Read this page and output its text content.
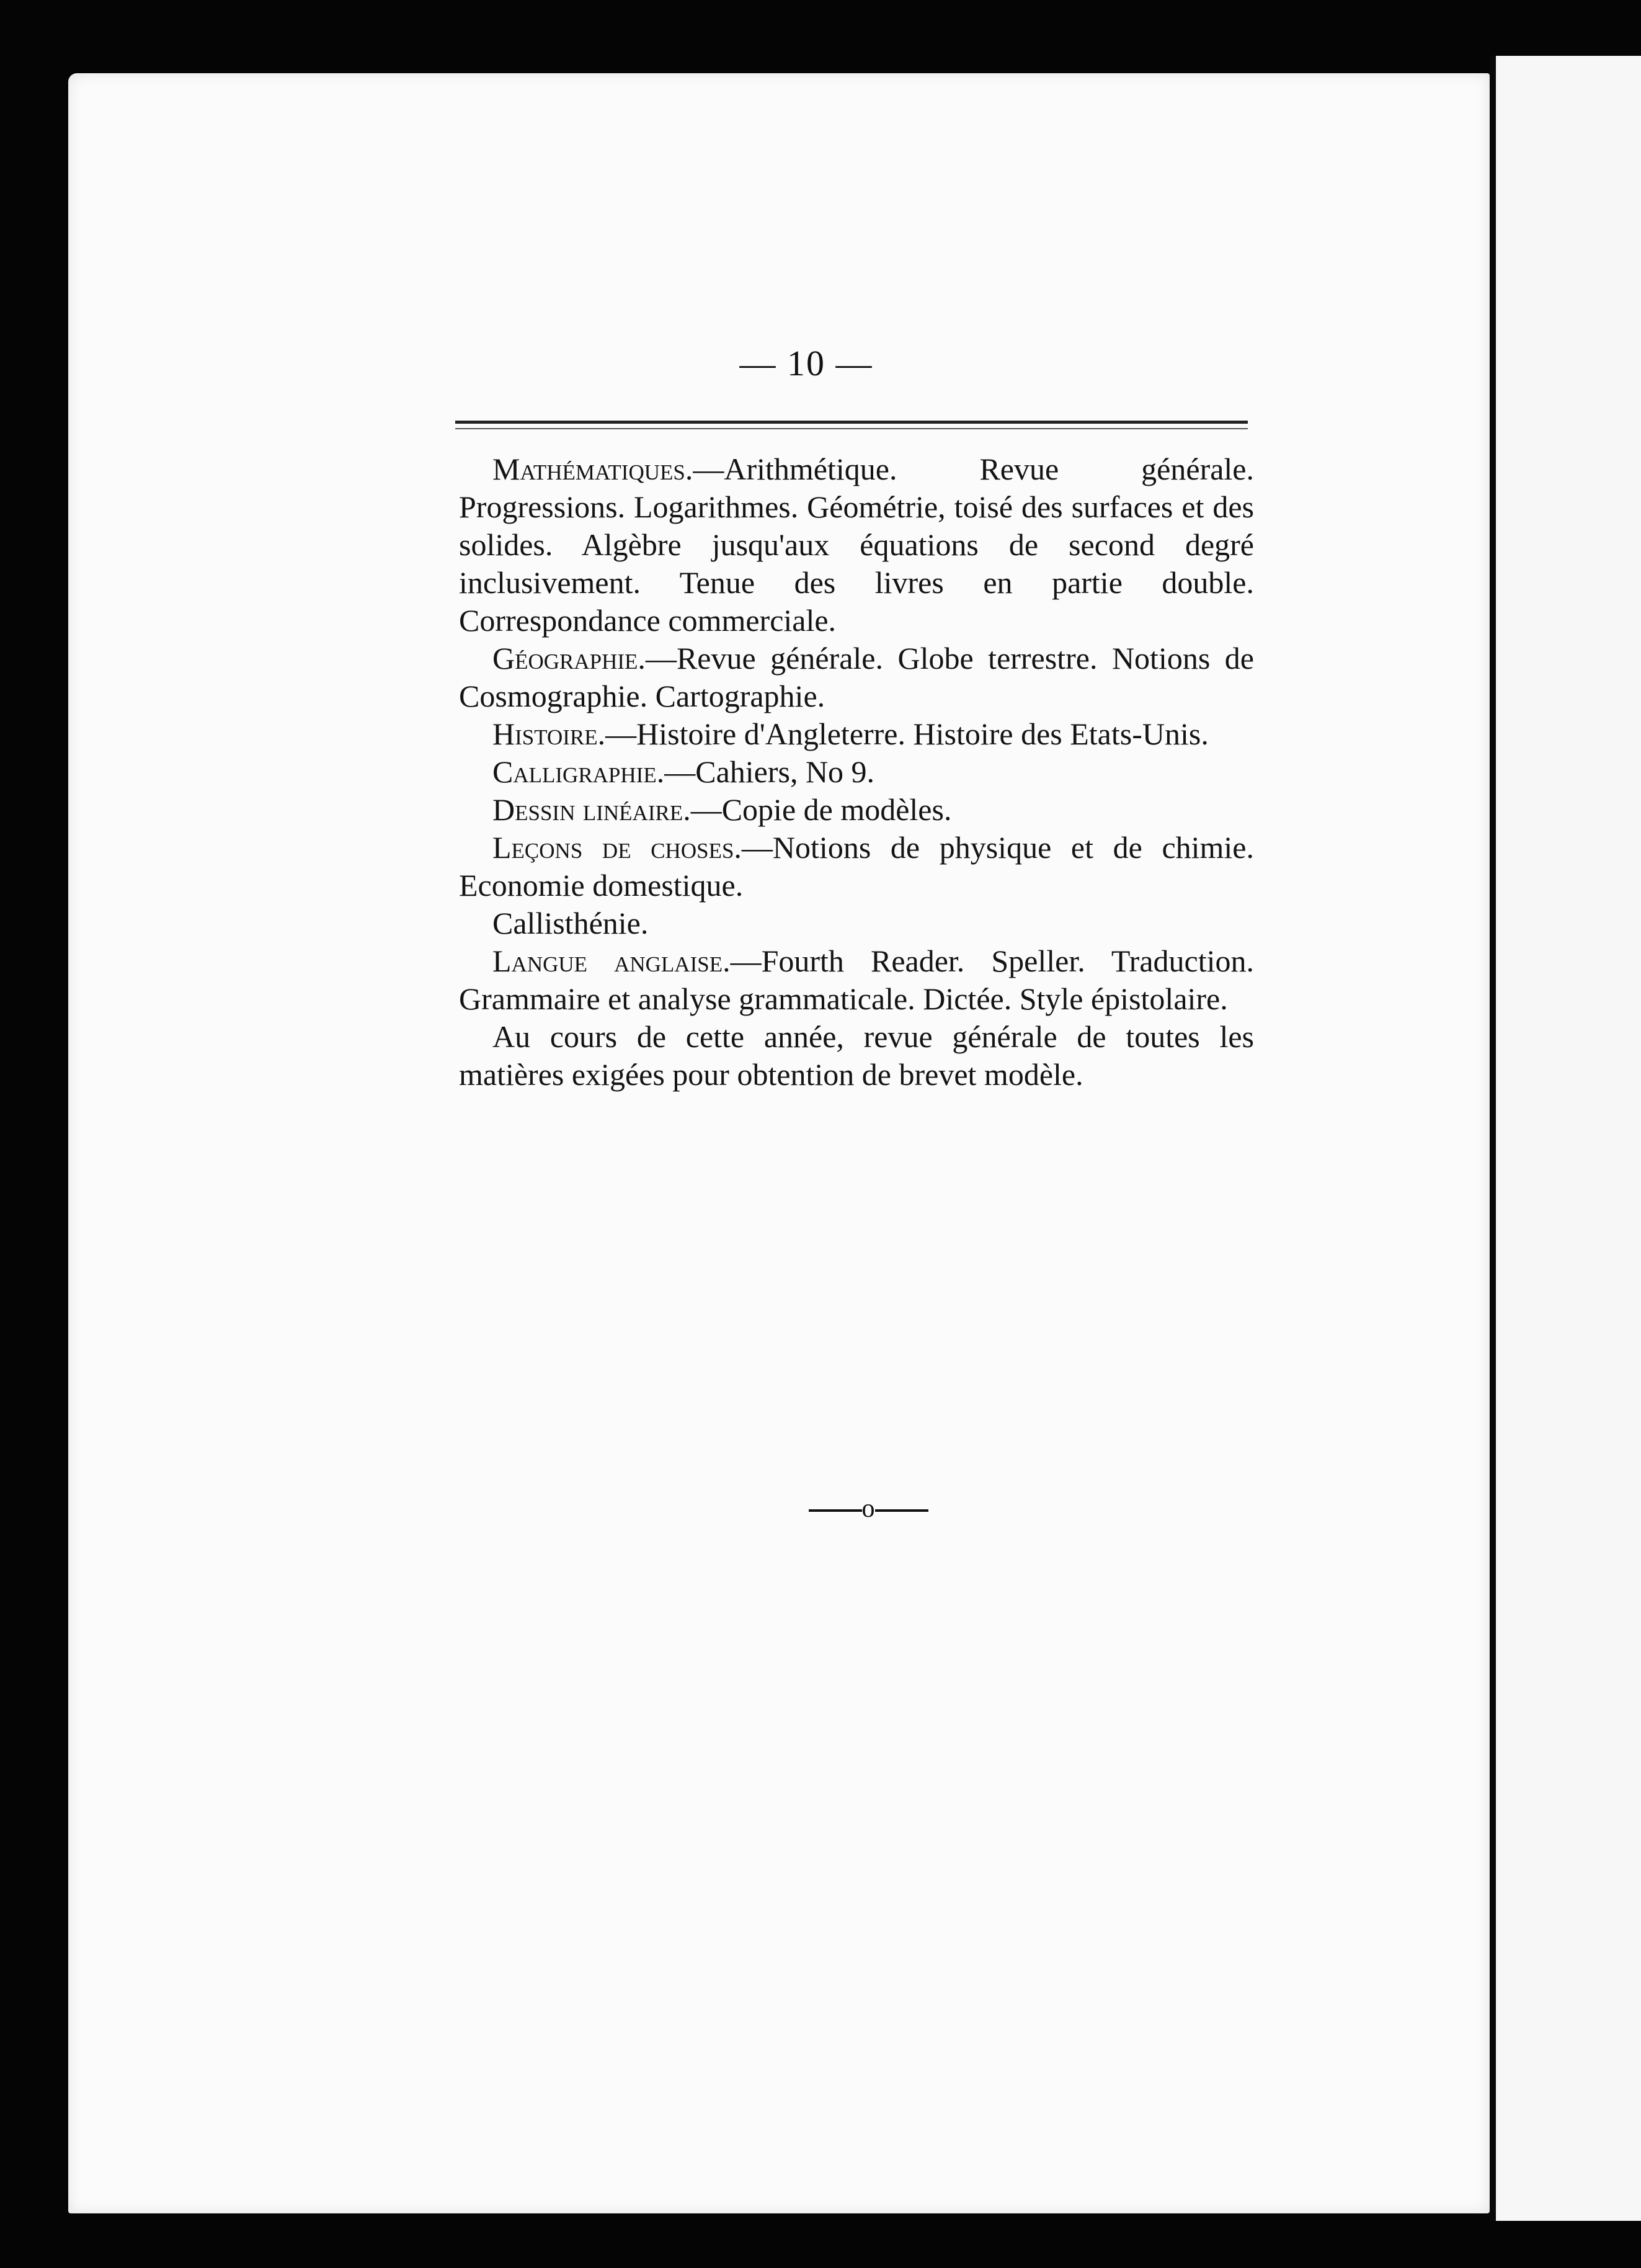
— 10 —

Mathématiques.—Arithmétique. Revue générale. Progressions. Logarithmes. Géométrie, toisé des surfaces et des solides. Algèbre jusqu'aux équations de second degré inclusivement. Tenue des livres en partie double. Correspondance commerciale.

Géographie.—Revue générale. Globe terrestre. Notions de Cosmographie. Cartographie.

Histoire.—Histoire d'Angleterre. Histoire des Etats-Unis.

Calligraphie.—Cahiers, No 9.

Dessin linéaire.—Copie de modèles.

Leçons de choses.—Notions de physique et de chimie. Economie domestique.

Callisthénie.

Langue anglaise.—Fourth Reader. Speller. Traduction. Grammaire et analyse grammaticale. Dictée. Style épistolaire.

Au cours de cette année, revue générale de toutes les matières exigées pour obtention de brevet modèle.

o
